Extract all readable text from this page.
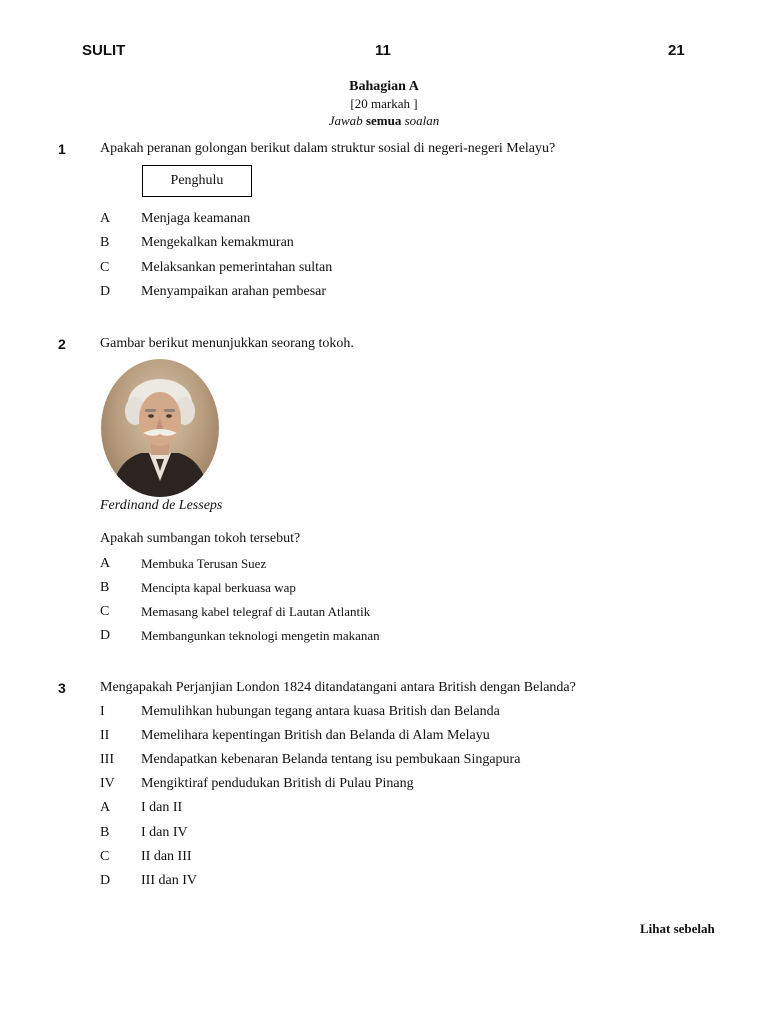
SULIT	11	21
Bahagian A
[20 markah ]
Jawab semua soalan
1 Apakah peranan golongan berikut dalam struktur sosial di negeri-negeri Melayu?
Penghulu
A Menjaga keamanan
B Mengekalkan kemakmuran
C Melaksankan pemerintahan sultan
D Menyampaikan arahan pembesar
2 Gambar berikut menunjukkan seorang tokoh.
Ferdinand de Lesseps
Apakah sumbangan tokoh tersebut?
A Membuka Terusan Suez
B Mencipta kapal berkuasa wap
C Memasang kabel telegraf di Lautan Atlantik
D Membangunkan teknologi mengetin makanan
3 Mengapakah Perjanjian London 1824 ditandatangani antara British dengan Belanda?
I	Memulihkan hubungan tegang antara kuasa British dan Belanda
II Memelihara kepentingan British dan Belanda di Alam Melayu
III Mendapatkan kebenaran Belanda tentang isu pembukaan Singapura
IV Mengiktiraf pendudukan British di Pulau Pinang
A I dan II
B I dan IV
C II dan III
D III dan IV
Lihat sebelah
